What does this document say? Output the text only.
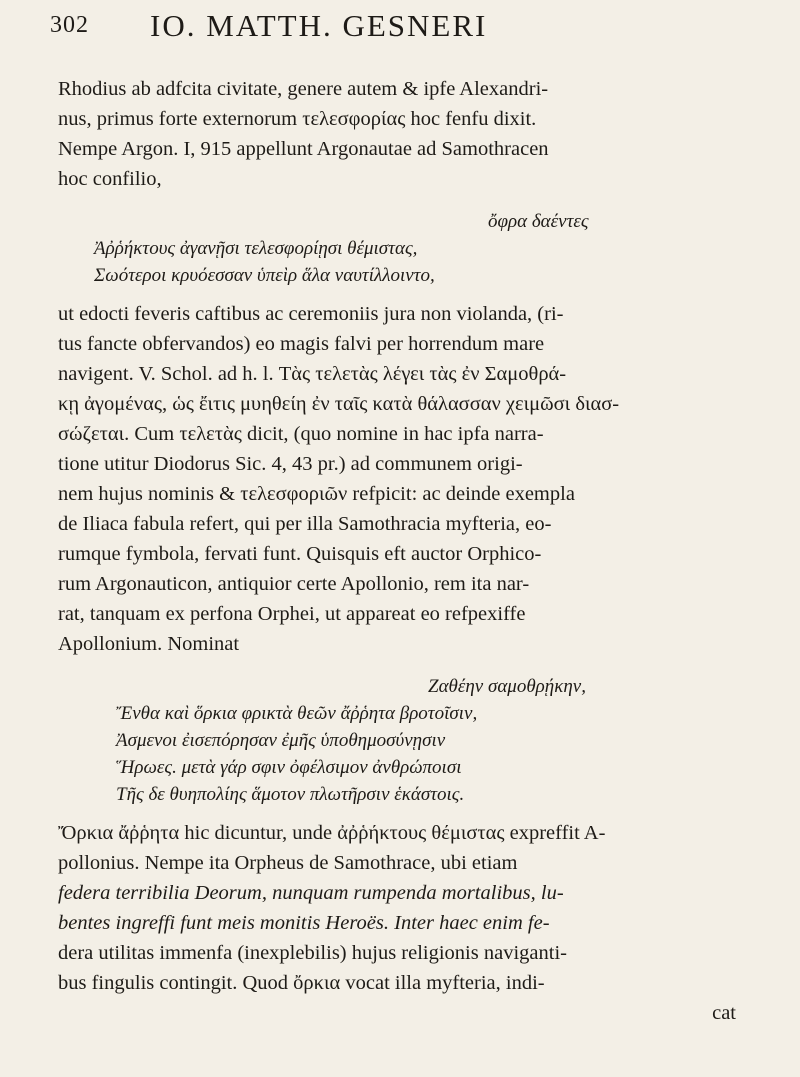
302 IO. MATTH. GESNERI
Rhodius ab adfcita civitate, genere autem & ipfe Alexandri-
nus, primus forte externorum τελεσφορίας hoc fenfu dixit.
Nempe Argon. I, 915 appellunt Argonautae ad Samothracen
hoc confilio,
ὄφρα δαέντες
Ἀῤῥήκτους ἀγανῇσι τελεσφορίῃσι θέμιστας,
Σωότεροι κρυόεσσαν ὑπεὶρ ἅλα ναυτίλλοιντο,
ut edocti feveris caftibus ac ceremoniis jura non violanda, (ri-
tus fancte obfervandos) eo magis falvi per horrendum mare
navigent. V. Schol. ad h. l. Τὰς τελετὰς λέγει τὰς ἐν Σαμοθρά-
κῃ ἀγομένας, ὡς ἔιτις μυηθείη ἐν ταῖς κατὰ θάλασσαν χειμῶσι διασ-
σώζεται. Cum τελετὰς dicit, (quo nomine in hac ipfa narra-
tione utitur Diodorus Sic. 4, 43 pr.) ad communem origi-
nem hujus nominis & τελεσφοριῶν refpicit: ac deinde exempla
de Iliaca fabula refert, qui per illa Samothracia myfteria, eo-
rumque fymbola, fervati funt. Quisquis eft auctor Orphico-
rum Argonauticon, antiquior certe Apollonio, rem ita nar-
rat, tanquam ex perfona Orphei, ut appareat eo refpexiffe
Apollonium. Nominat
Ζαθέην σαμοθρῄκην,
Ἔνθα καὶ ὅρκια φρικτὰ θεῶν ἄῤῥητα βροτοῖσιν,
Ἀσμενοι ἐισεπόρησαν ἐμῆς ὑποθημοσύνῃσιν
Ἥρωες. μετὰ γάρ σφιν ὀφέλσιμον ἀνθρώποισι
Τῆς δε θυηπολίης ἅμοτον πλωτῆρσιν ἑκάστοις.
Ὄρκια ἄῤῥητα hic dicuntur, unde ἀῤῥήκτους θέμιστας expreffit A-
pollonius. Nempe ita Orpheus de Samothrace, ubi etiam
federa terribilia Deorum, nunquam rumpenda mortalibus, lu-
bentes ingreffi funt meis monitis Heroës. Inter haec enim fe-
dera utilitas immenfa (inexplebilis) hujus religionis naviganti-
bus fingulis contingit. Quod ὄρκια vocat illa myfteria, indi-
cat
